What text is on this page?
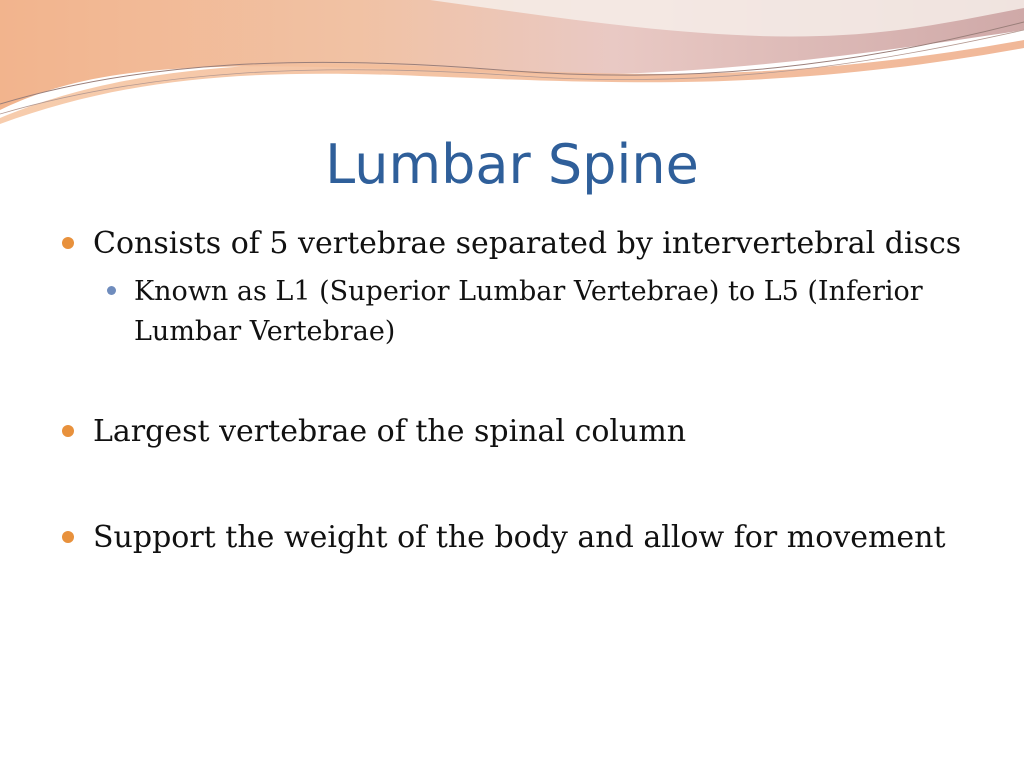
Lumbar Spine
Consists of 5 vertebrae separated by intervertebral discs
Known as L1 (Superior Lumbar Vertebrae) to L5 (Inferior Lumbar Vertebrae)
Largest vertebrae of the spinal column
Support the weight of the body and allow for movement
